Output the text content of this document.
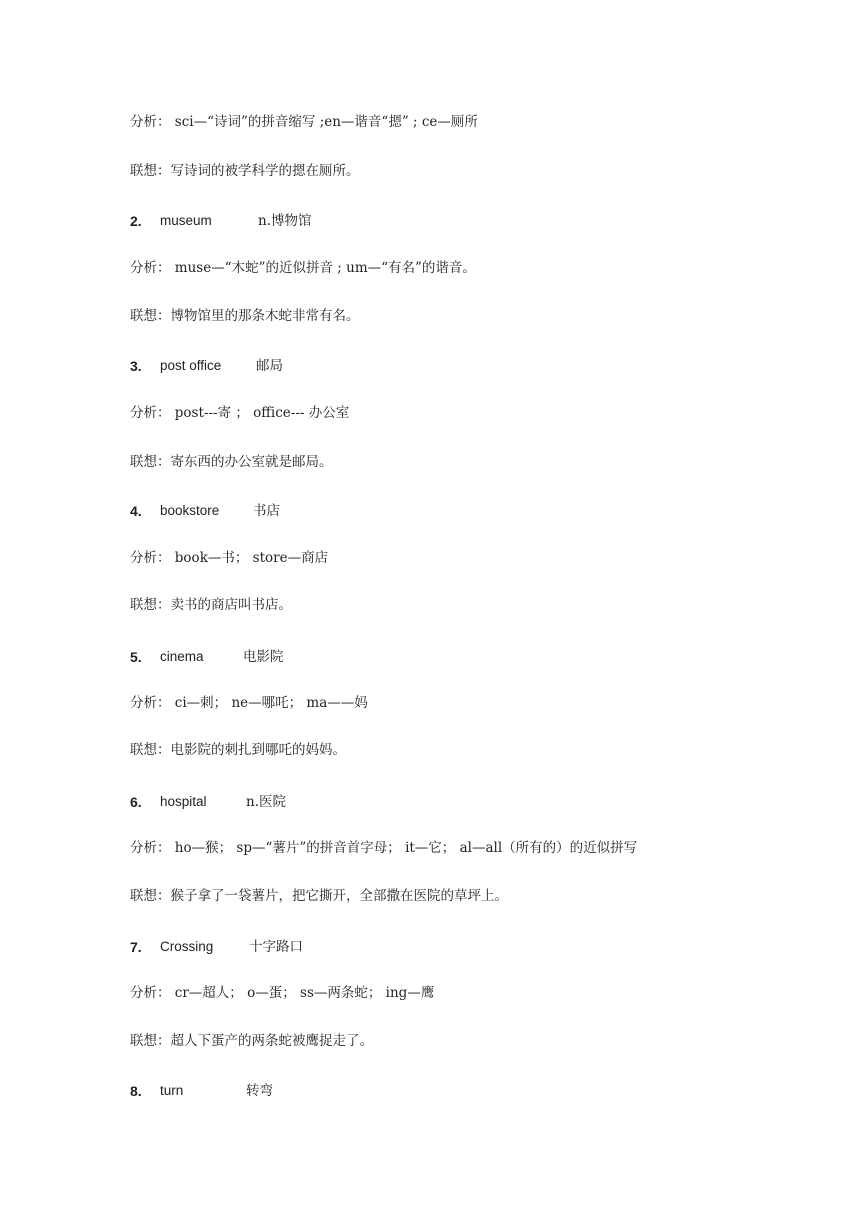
分析： sci—“诗词”的拼音缩写 ;en—谐音“摁” ; ce—厕所
联想：写诗词的被学科学的摁在厕所。
2. museum	n.博物馆
分析： muse—“木蛇”的近似拼音 ; um—“有名”的谐音。
联想：博物馆里的那条木蛇非常有名。
3. post office	邮局
分析： post---寄 ； office--- 办公室
联想：寄东西的办公室就是邮局。
4. bookstore 书店
分析： book—书； store—商店
联想：卖书的商店叫书店。
5. cinema	电影院
分析： ci—刺； ne—哪吒； ma——妈
联想：电影院的刺扎到哪吒的妈妈。
6. hospital	n.医院
分析： ho—猴； sp—“薯片”的拼音首字母； it—它； al—all（所有的）的近似拼写
联想：猴子拿了一袋薯片，把它撕开，全部撒在医院的草坪上。
7. Crossing	十字路口
分析： cr—超人； o—蛋； ss—两条蛇； ing—鹰
联想：超人下蛋产的两条蛇被鹰捉走了。
8. turn	转弯
